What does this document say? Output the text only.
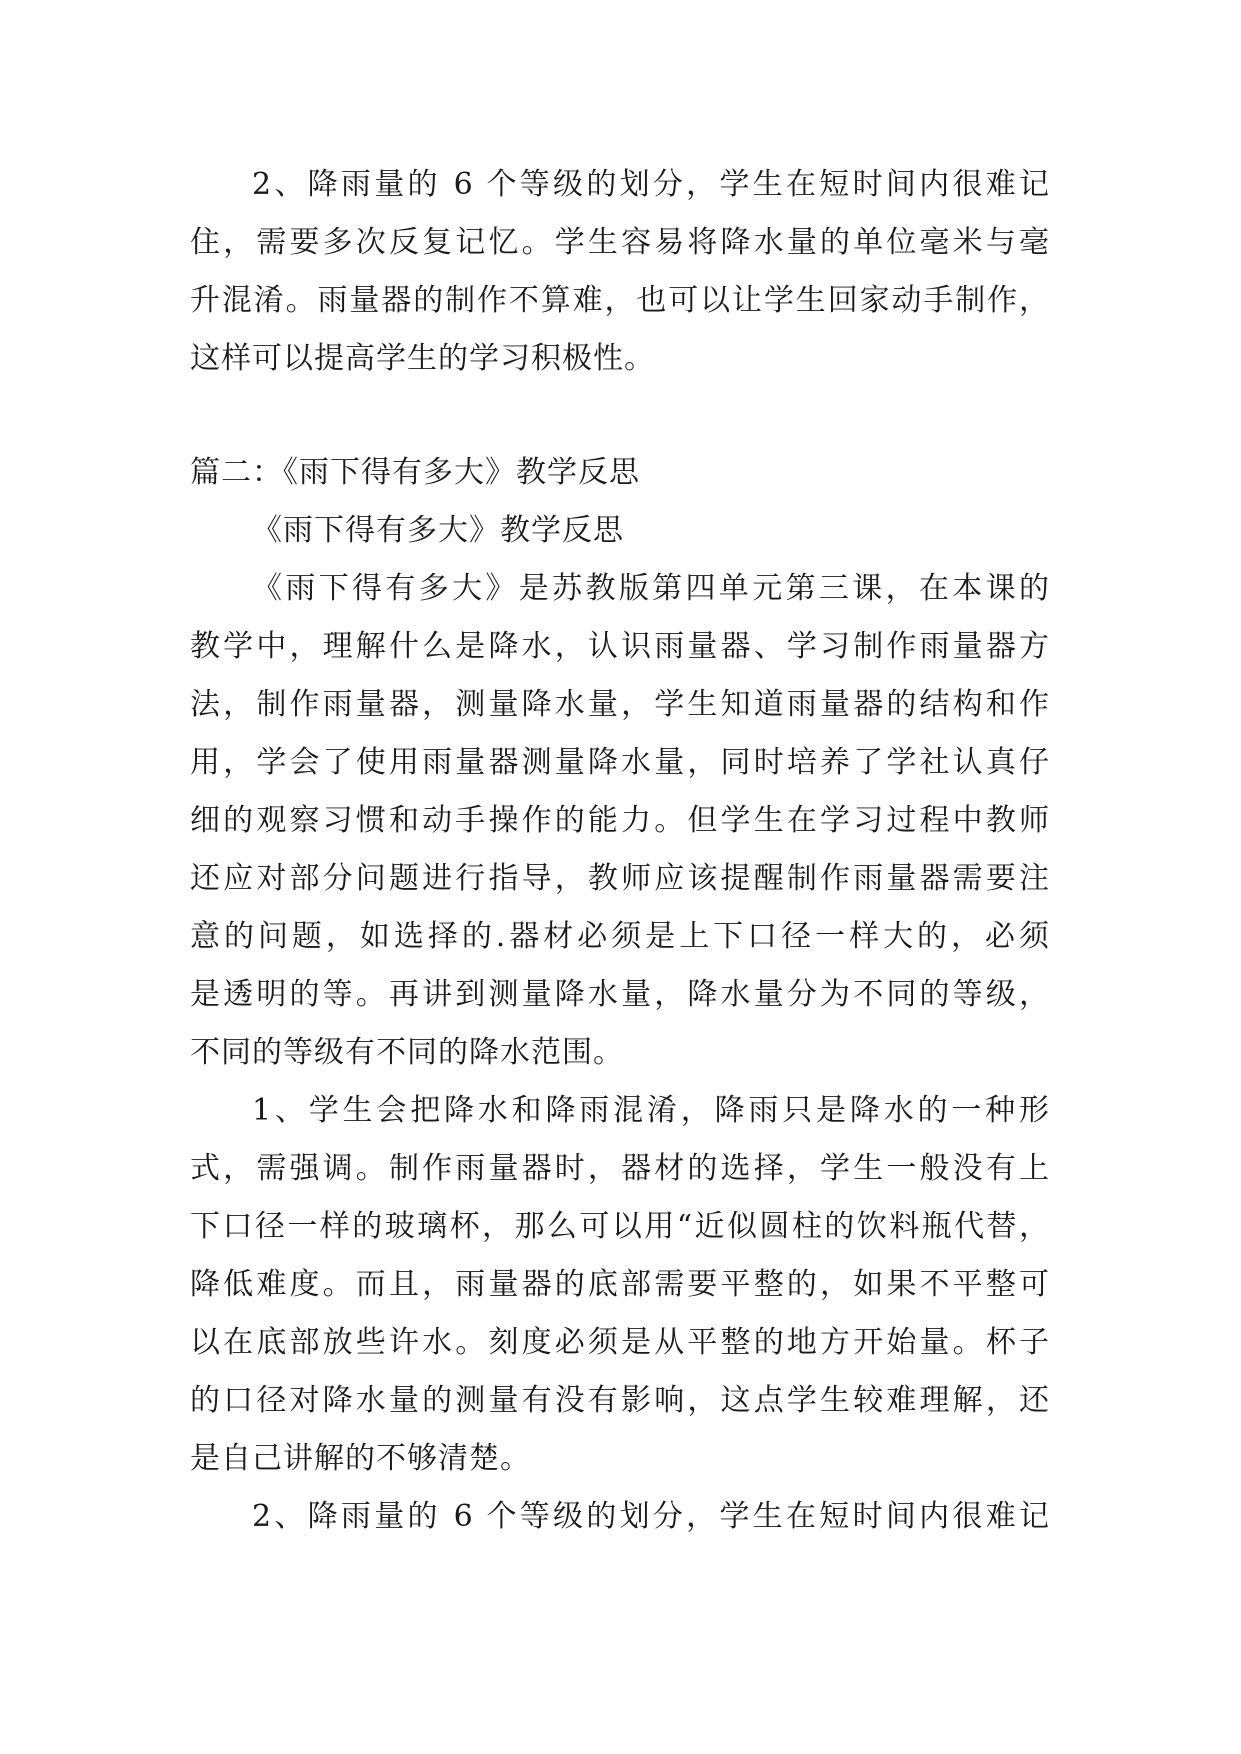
2、降雨量的 6 个等级的划分，学生在短时间内很难记
住，需要多次反复记忆。学生容易将降水量的单位毫米与毫
升混淆。雨量器的制作不算难，也可以让学生回家动手制作，
这样可以提高学生的学习积极性。
篇二：《雨下得有多大》教学反思
《雨下得有多大》教学反思
《雨下得有多大》是苏教版第四单元第三课，在本课的
教学中，理解什么是降水，认识雨量器、学习制作雨量器方
法，制作雨量器，测量降水量，学生知道雨量器的结构和作
用，学会了使用雨量器测量降水量，同时培养了学社认真仔
细的观察习惯和动手操作的能力。但学生在学习过程中教师
还应对部分问题进行指导，教师应该提醒制作雨量器需要注
意的问题，如选择的.器材必须是上下口径一样大的，必须
是透明的等。再讲到测量降水量，降水量分为不同的等级，
不同的等级有不同的降水范围。
1、学生会把降水和降雨混淆，降雨只是降水的一种形
式，需强调。制作雨量器时，器材的选择，学生一般没有上
下口径一样的玻璃杯，那么可以用“近似圆柱的饮料瓶代替，
降低难度。而且，雨量器的底部需要平整的，如果不平整可
以在底部放些许水。刻度必须是从平整的地方开始量。杯子
的口径对降水量的测量有没有影响，这点学生较难理解，还
是自己讲解的不够清楚。
2、降雨量的 6 个等级的划分，学生在短时间内很难记
